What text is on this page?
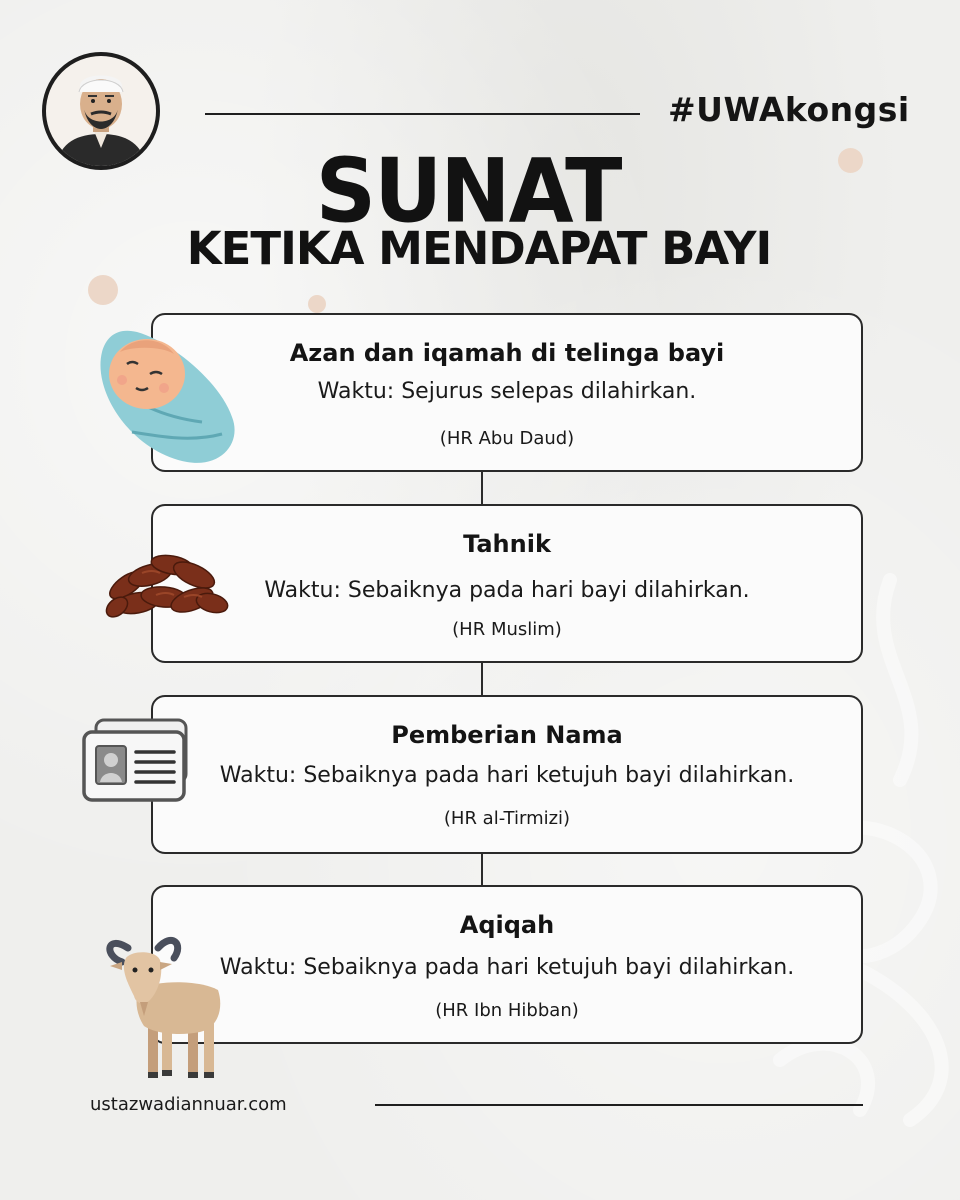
#UWAkongsi
SUNAT
KETIKA MENDAPAT BAYI
Azan dan iqamah di telinga bayi
Waktu: Sejurus selepas dilahirkan.
(HR Abu Daud)
Tahnik
Waktu: Sebaiknya pada hari bayi dilahirkan.
(HR Muslim)
Pemberian Nama
Waktu: Sebaiknya pada hari ketujuh bayi dilahirkan.
(HR al-Tirmizi)
Aqiqah
Waktu: Sebaiknya pada hari ketujuh bayi dilahirkan.
(HR Ibn Hibban)
ustazwadiannuar.com
